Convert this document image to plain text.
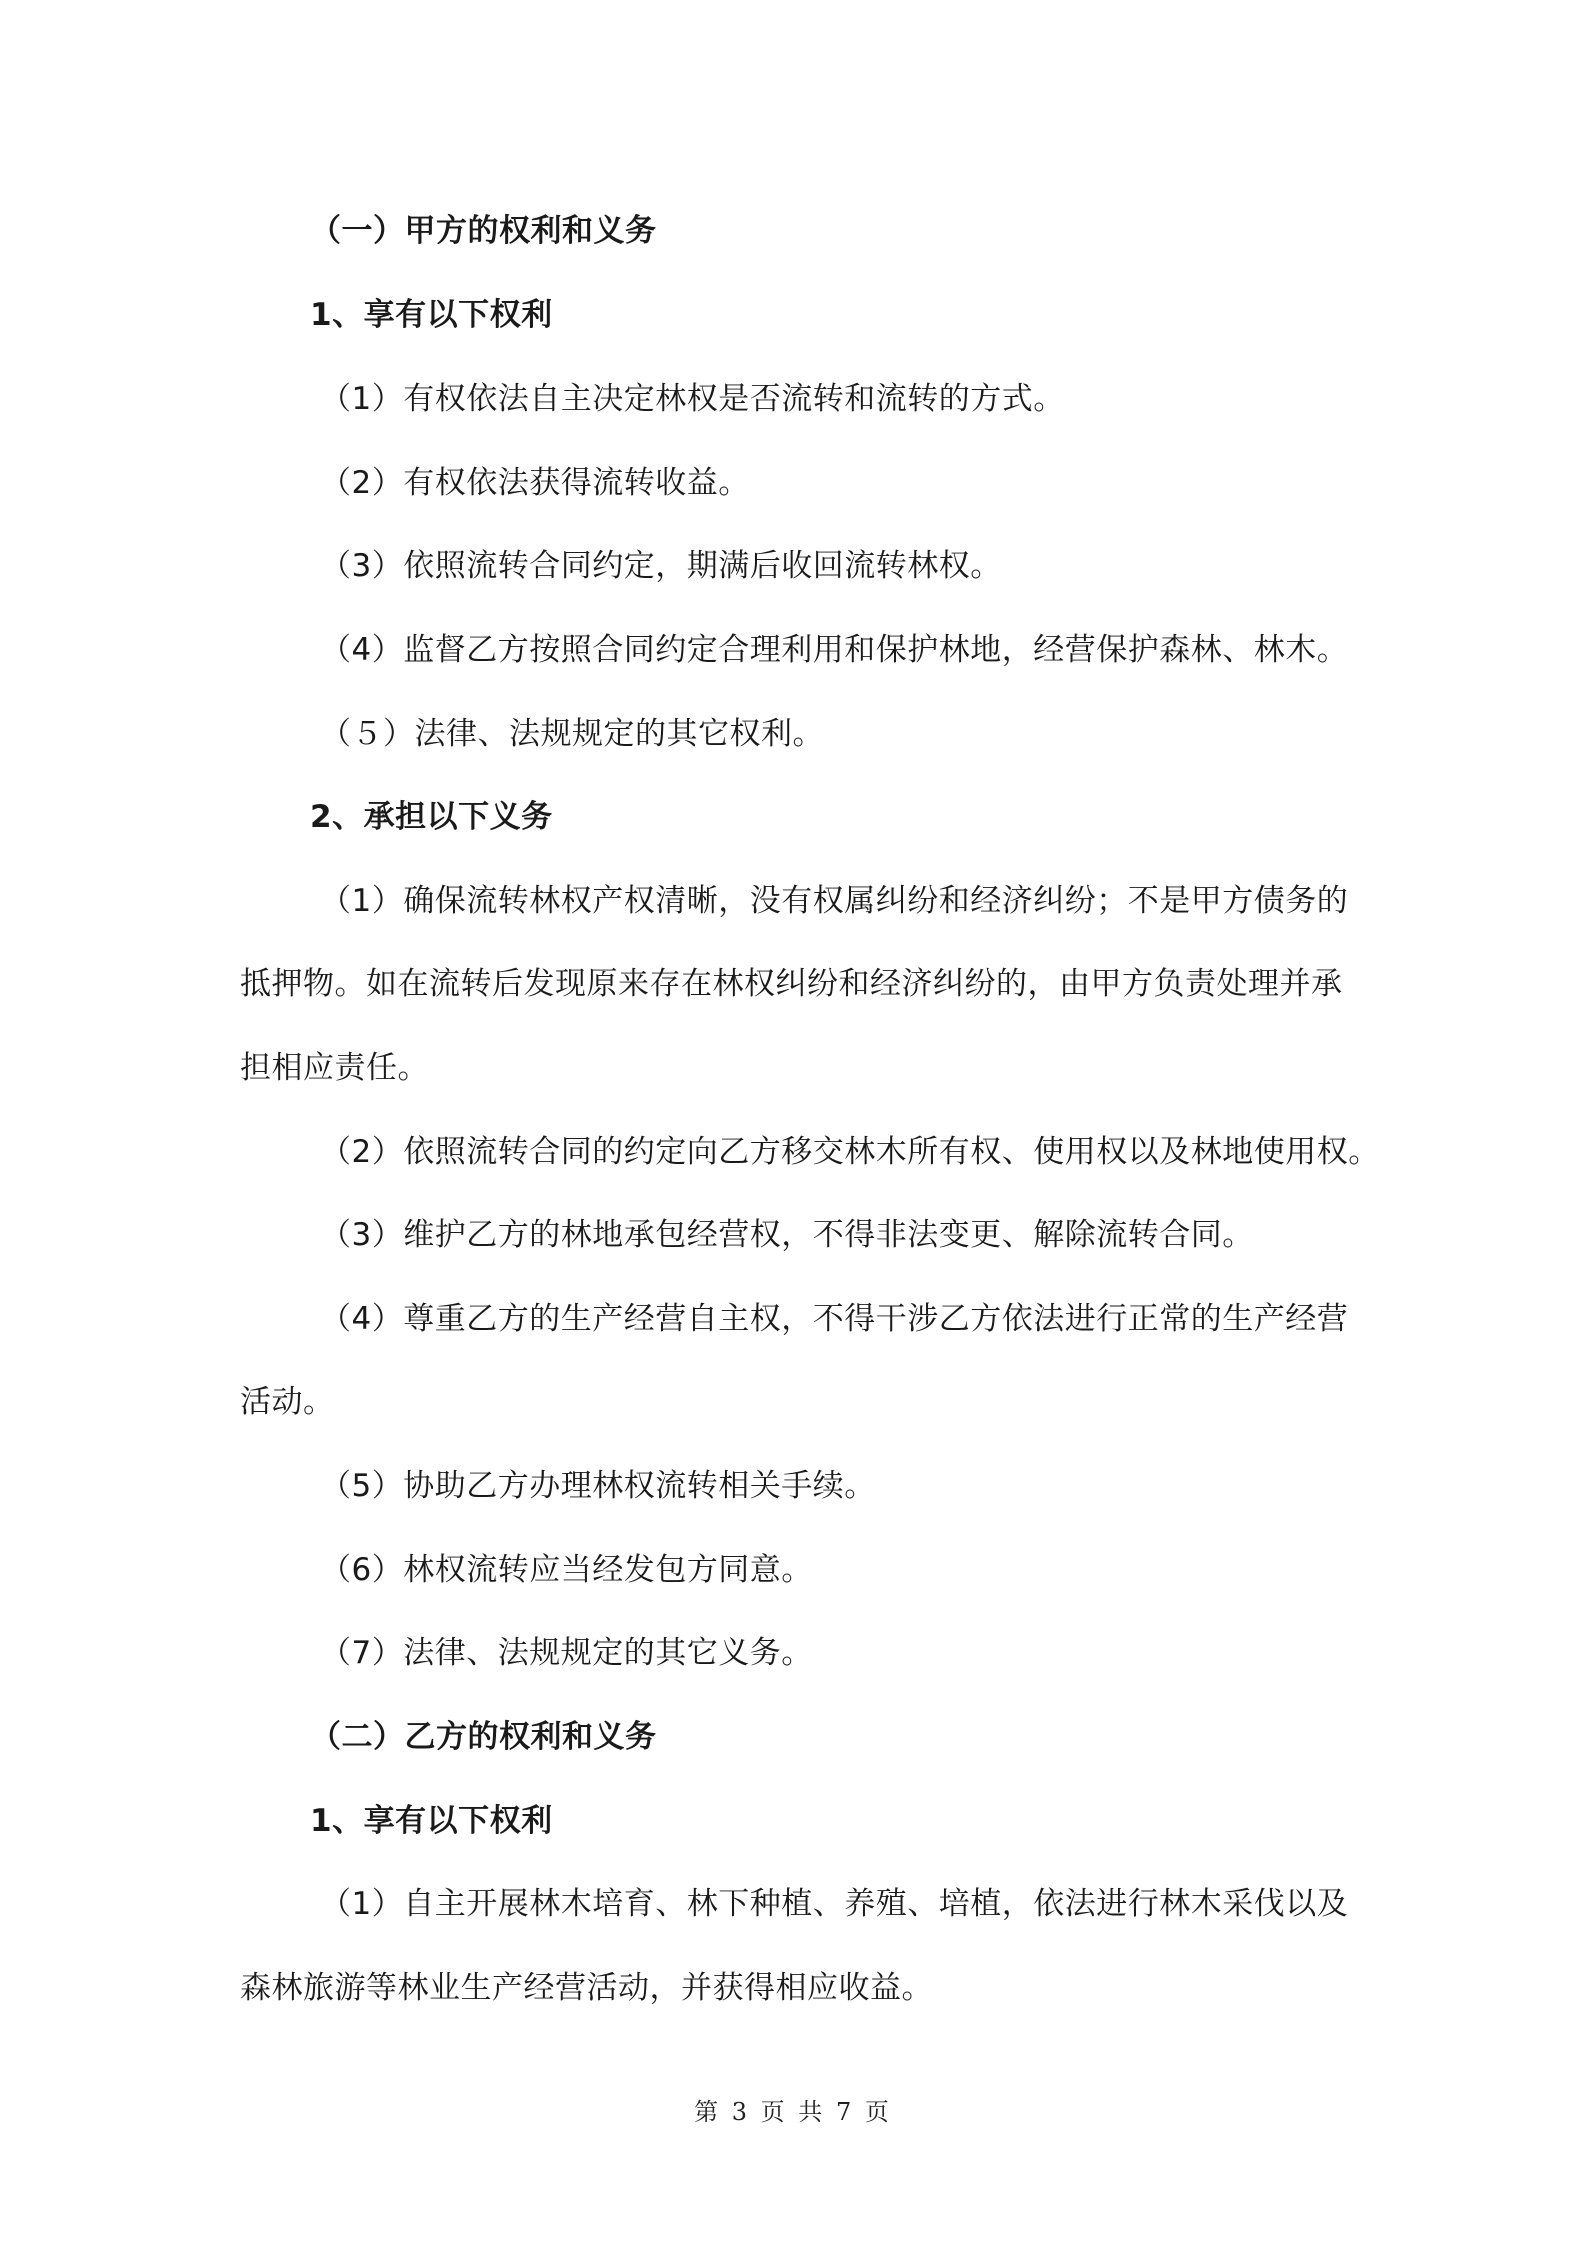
（一）甲方的权利和义务
1、享有以下权利
（1）有权依法自主决定林权是否流转和流转的方式。
（2）有权依法获得流转收益。
（3）依照流转合同约定，期满后收回流转林权。
（4）监督乙方按照合同约定合理利用和保护林地，经营保护森林、林木。
（５）法律、法规规定的其它权利。
2、承担以下义务
（1）确保流转林权产权清晰，没有权属纠纷和经济纠纷；不是甲方债务的
抵押物。如在流转后发现原来存在林权纠纷和经济纠纷的，由甲方负责处理并承
担相应责任。
（2）依照流转合同的约定向乙方移交林木所有权、使用权以及林地使用权。
（3）维护乙方的林地承包经营权，不得非法变更、解除流转合同。
（4）尊重乙方的生产经营自主权，不得干涉乙方依法进行正常的生产经营
活动。
（5）协助乙方办理林权流转相关手续。
（6）林权流转应当经发包方同意。
（7）法律、法规规定的其它义务。
（二）乙方的权利和义务
1、享有以下权利
（1）自主开展林木培育、林下种植、养殖、培植，依法进行林木采伐以及
森林旅游等林业生产经营活动，并获得相应收益。
第 3 页 共 7 页
